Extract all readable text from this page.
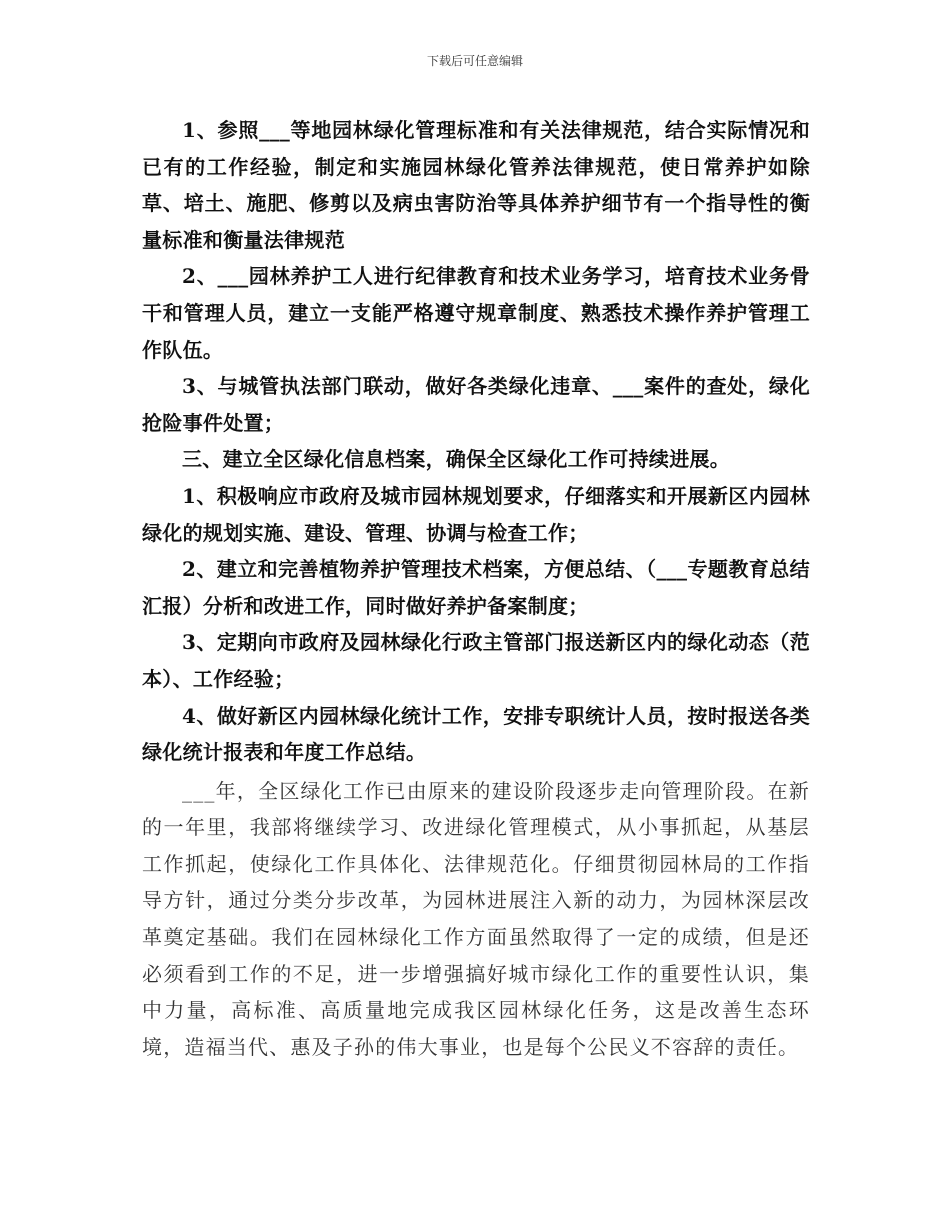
下载后可任意编辑

1、参照___等地园林绿化管理标准和有关法律规范，结合实际情况和已有的工作经验，制定和实施园林绿化管养法律规范，使日常养护如除草、培土、施肥、修剪以及病虫害防治等具体养护细节有一个指导性的衡量标准和衡量法律规范

2、___园林养护工人进行纪律教育和技术业务学习，培育技术业务骨干和管理人员，建立一支能严格遵守规章制度、熟悉技术操作养护管理工作队伍。

3、与城管执法部门联动，做好各类绿化违章、___案件的查处，绿化抢险事件处置；

三、建立全区绿化信息档案，确保全区绿化工作可持续进展。

1、积极响应市政府及城市园林规划要求，仔细落实和开展新区内园林绿化的规划实施、建设、管理、协调与检查工作；

2、建立和完善植物养护管理技术档案，方便总结、（___专题教育总结汇报）分析和改进工作，同时做好养护备案制度；

3、定期向市政府及园林绿化行政主管部门报送新区内的绿化动态（范本）、工作经验；

4、做好新区内园林绿化统计工作，安排专职统计人员，按时报送各类绿化统计报表和年度工作总结。

___年，全区绿化工作已由原来的建设阶段逐步走向管理阶段。在新的一年里，我部将继续学习、改进绿化管理模式，从小事抓起，从基层工作抓起，使绿化工作具体化、法律规范化。仔细贯彻园林局的工作指导方针，通过分类分步改革，为园林进展注入新的动力，为园林深层改革奠定基础。我们在园林绿化工作方面虽然取得了一定的成绩，但是还必须看到工作的不足，进一步增强搞好城市绿化工作的重要性认识，集中力量，高标准、高质量地完成我区园林绿化任务，这是改善生态环境，造福当代、惠及子孙的伟大事业，也是每个公民义不容辞的责任。
